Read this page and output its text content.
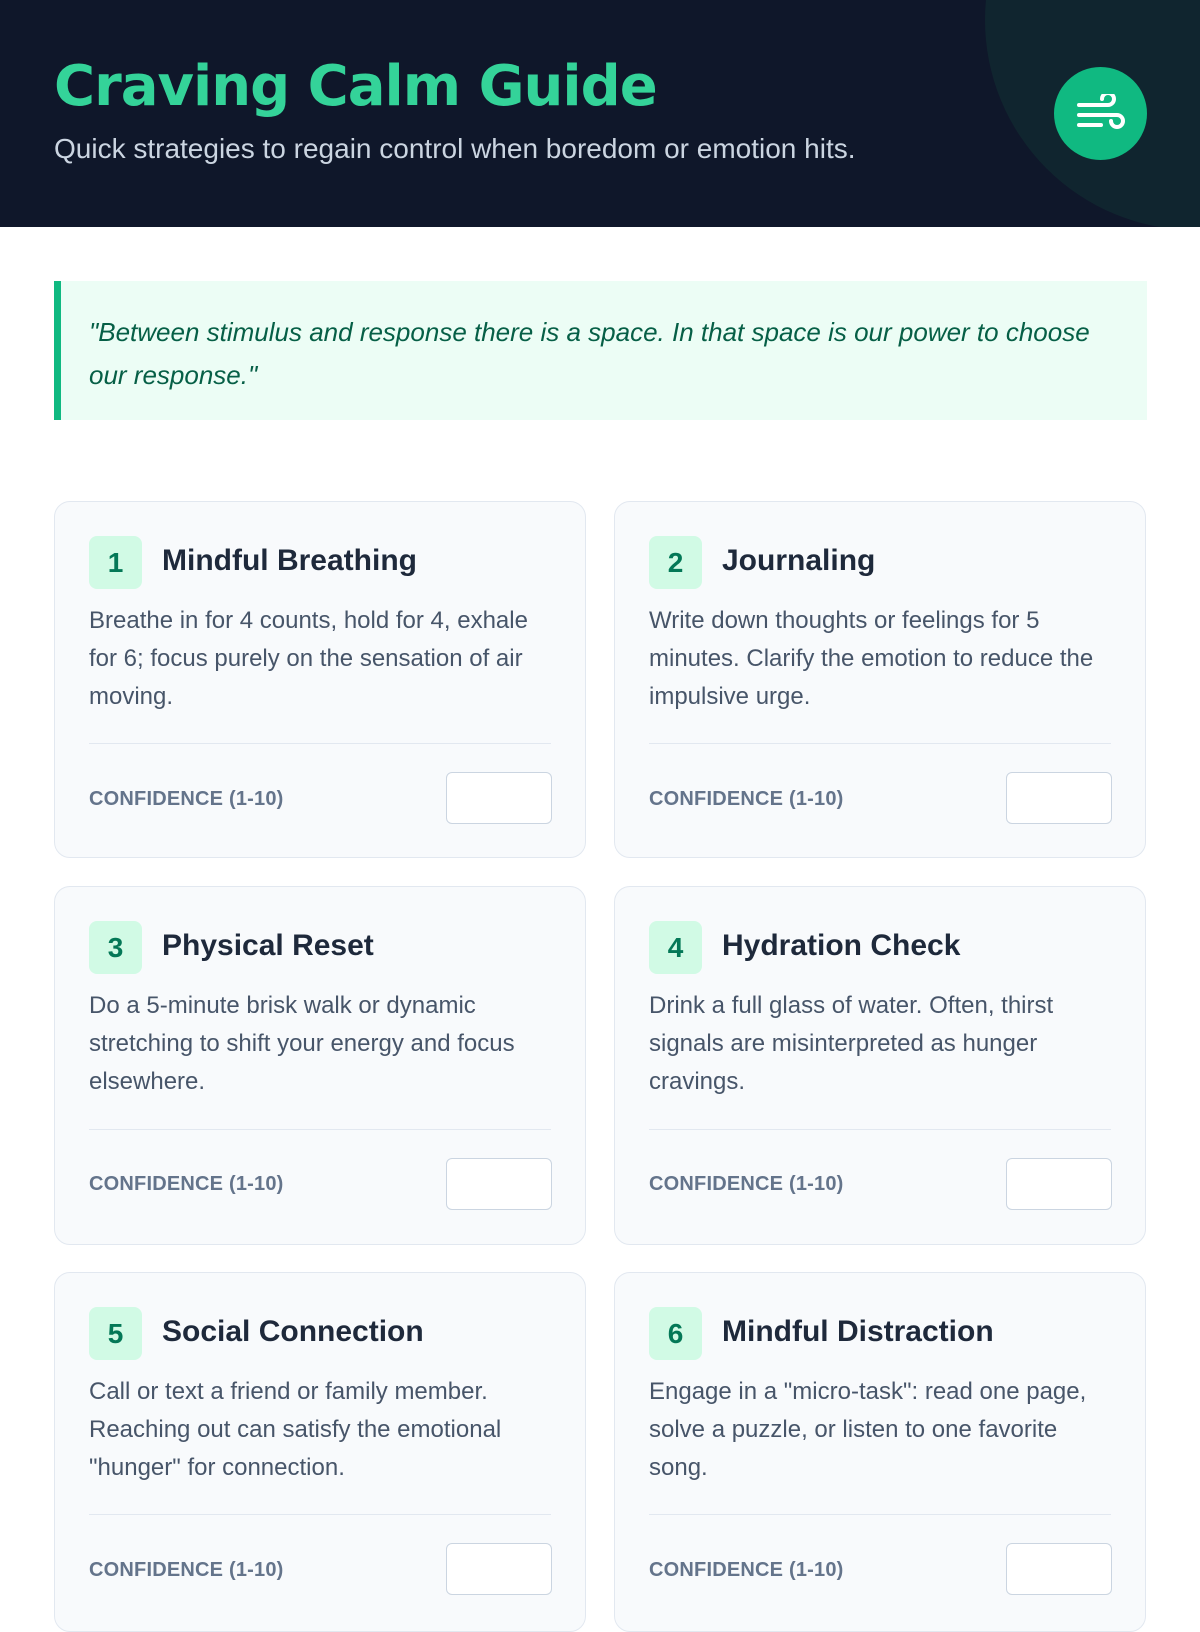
Craving Calm Guide

Quick strategies to regain control when boredom or emotion hits.

"Between stimulus and response there is a space. In that space is our power to choose our response."

1	Mindful Breathing

Breathe in for 4 counts, hold for 4, exhale for 6; focus purely on the sensation of air moving.

CONFIDENCE (1-10)
2	Journaling

Write down thoughts or feelings for 5 minutes. Clarify the emotion to reduce the impulsive urge.

CONFIDENCE (1-10)
3	Physical Reset

Do a 5-minute brisk walk or dynamic stretching to shift your energy and focus elsewhere.

CONFIDENCE (1-10)
4	Hydration Check

Drink a full glass of water. Often, thirst signals are misinterpreted as hunger cravings.

CONFIDENCE (1-10)
5	Social Connection

Call or text a friend or family member. Reaching out can satisfy the emotional "hunger" for connection.

CONFIDENCE (1-10)
6	Mindful Distraction

Engage in a "micro-task": read one page, solve a puzzle, or listen to one favorite song.

CONFIDENCE (1-10)
